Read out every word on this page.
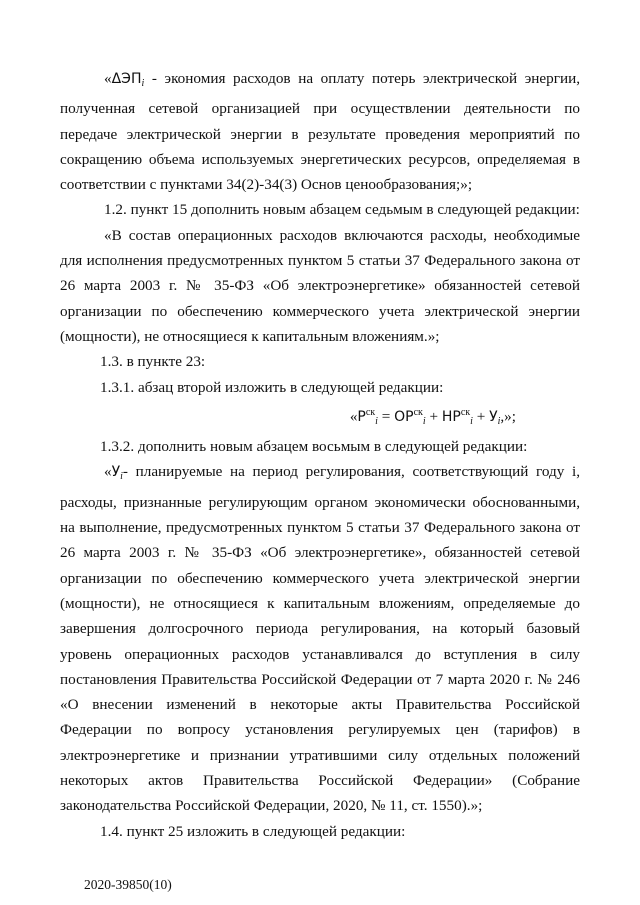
«$\Delta ЭП_i$ - экономия расходов на оплату потерь электрической энергии, полученная сетевой организацией при осуществлении деятельности по передаче электрической энергии в результате проведения мероприятий по сокращению объема используемых энергетических ресурсов, определяемая в соответствии с пунктами 34(2)-34(3) Основ ценообразования;»;

1.2. пункт 15 дополнить новым абзацем седьмым в следующей редакции:

«В состав операционных расходов включаются расходы, необходимые для исполнения предусмотренных пунктом 5 статьи 37 Федерального закона от 26 марта 2003 г. № 35-ФЗ «Об электроэнергетике» обязанностей сетевой организации по обеспечению коммерческого учета электрической энергии (мощности), не относящиеся к капитальным вложениям.»;

1.3. в пункте 23:

1.3.1. абзац второй изложить в следующей редакции:

«$Р^{ск}_i = ОР^{ск}_i + НР^{ск}_i + У_i$,»;

1.3.2. дополнить новым абзацем восьмым в следующей редакции:

«$У_i-$ планируемые на период регулирования, соответствующий году i, расходы, признанные регулирующим органом экономически обоснованными, на выполнение, предусмотренных пунктом 5 статьи 37 Федерального закона от 26 марта 2003 г. № 35-ФЗ «Об электроэнергетике», обязанностей сетевой организации по обеспечению коммерческого учета электрической энергии (мощности), не относящиеся к капитальным вложениям, определяемые до завершения долгосрочного периода регулирования, на который базовый уровень операционных расходов устанавливался до вступления в силу постановления Правительства Российской Федерации от 7 марта 2020 г. № 246 «О внесении изменений в некоторые акты Правительства Российской Федерации по вопросу установления регулируемых цен (тарифов) в электроэнергетике и признании утратившими силу отдельных положений некоторых актов Правительства Российской Федерации» (Собрание законодательства Российской Федерации, 2020, № 11, ст. 1550).»;

1.4. пункт 25 изложить в следующей редакции:

2020-39850(10)
